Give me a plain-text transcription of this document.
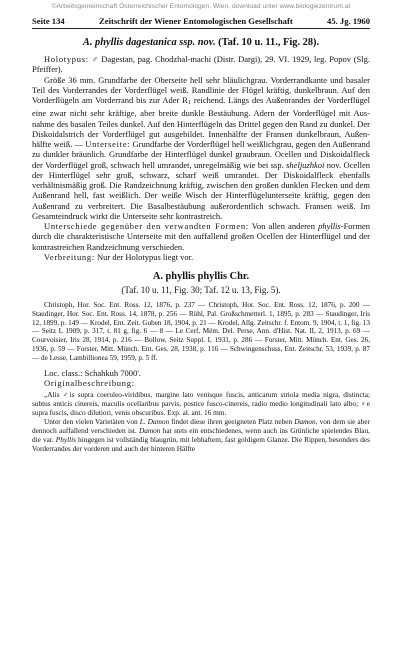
©Arbeitsgemeinschaft Österreichischer Entomologen, Wien, download unter www.biologiezentrum.at
Seite 134	Zeitschrift der Wiener Entomologischen Gesellschaft	45. Jg. 1960
A. phyllis dagestanica ssp. nov. (Taf. 10 u. 11., Fig. 28).

Holotypus: ♂ Dagestan, pag. Chodzhal-machi (Distr. Dargi), 29. VI. 1929, leg. Popov (Slg. Pfeiffer).

Größe 36 mm. Grundfarbe der Oberseite hell sehr bläulichgrau. Vorderrandkante und basaler Teil des Vorderrandes der Vorderflügel weiß. Randlinie der Flügel kräftig, dunkelbraun. Auf den Vorderflügeln am Vorderrand bis zur Ader R1 reichend. Längs des Außenrandes der Vorderflügel eine zwar nicht sehr kräftige, aber breite dunkle Bestäubung. Adern der Vorderflügel mit Ausnahme des basalen Teiles dunkel. Auf den Hinterflügeln das Drittel gegen den Rand zu dunkel. Der Diskoidalstrich der Vorderflügel gut ausgebildet. Innenhälfte der Fransen dunkelbraun, Außenhälfte weiß. — Unterseite: Grundfarbe der Vorderflügel hell weißlichgrau, gegen den Außenrand zu dunkler bräunlich. Grundfarbe der Hinterflügel dunkel graubraun. Ocellen und Diskoidalfleck der Vorderflügel groß, schwach hell umrandet, unregelmäßig wie bei ssp. sheljuzhkoi nov. Ocellen der Hinterflügel sehr groß, schwarz, scharf weiß umrandet. Der Diskoidalfleck ebenfalls verhältnismäßig groß. Die Randzeichnung kräftig, zwischen den großen dunklen Flecken und dem Außenrand hell, fast weißlich. Der weiße Wisch der Hinterflügelunterseite kräftig, gegen den Außenrand zu verbreitert. Die Basalbestäubung außerordentlich schwach. Fransen weiß. Im Gesamteindruck wirkt die Unterseite sehr kontrastreich.

Unterschiede gegenüber den verwandten Formen: Von allen anderen phyllis-Formen durch die charakteristische Unterseite mit den auffallend großen Ocellen der Hinterflügel und der kontrastreichen Randzeichnung verschieden.

Verbreitung: Nur der Holotypus liegt vor.

A. phyllis phyllis Chr.
(Taf. 10 u. 11, Fig. 30; Taf. 12 u. 13, Fig. 5).

Christoph, Hor. Soc. Ent. Ross. 12, 1876, p. 237 — Christoph, Hor. Soc. Ent. Ross. 12, 1876, p. 200 — Staudinger, Hor. Soc. Ent. Ross. 14, 1878, p. 256 — Rühl, Pal. Großschmetterl. 1, 1895, p. 283 — Staudinger, Iris 12, 1899, p. 149 — Krodel, Ent. Zeit. Guben 18, 1904, p. 21 — Krodel, Allg. Zeitschr. f. Entom. 9, 1904, t. 1, fig. 13 — Seitz I, 1909, p. 317, t. 81 g, fig. 6 — 8 — Le Cerf, Mém. Del. Perse, Ann. d'Hist. Nat. II, 2, 1913, p. 69 — Courvoisier, Iris 28, 1914, p. 216 — Bollow, Seitz Suppl. I, 1931, p. 286 — Forster, Mitt. Münch. Ent. Ges. 26, 1936, p. 59 — Forster, Mitt. Münch. Ent. Ges. 28, 1938, p. 116 — Schwingenschuss, Ent. Zeitschr. 53, 1939, p. 87 — de Lesse, Lambillionea 59, 1959, p. 5 ff.

Loc. class.: Schahkuh 7000'.

Originalbeschreibung:

„Alis ♂is supra coeruleo-viridibus, margine lato venisque fuscis, anticarum striola media nigra, distincta; subtus anticis cinereis, maculis ocellaribus parvis, postice fusco-cinereis, radio medio longitudinali lato albo; ♀e supra fuscis, disco dilutiori, venis obscuribus. Exp. al. ant. 16 mm.

Unter den vielen Varietäten von L. Damon findet diese ihren geeigneten Platz neben Damon, von dem sie aber dennoch auffallend verschieden ist. Damon hat stets ein entschiedenes, wenn auch ins Grünliche spielendes Blau, die var. Phyllis hingegen ist vollständig blaugrün, mit lebhaftem, fast goldigem Glanze. Die Rippen, besonders des Vorderrandes der vorderen und auch der hinteren Hälfte
